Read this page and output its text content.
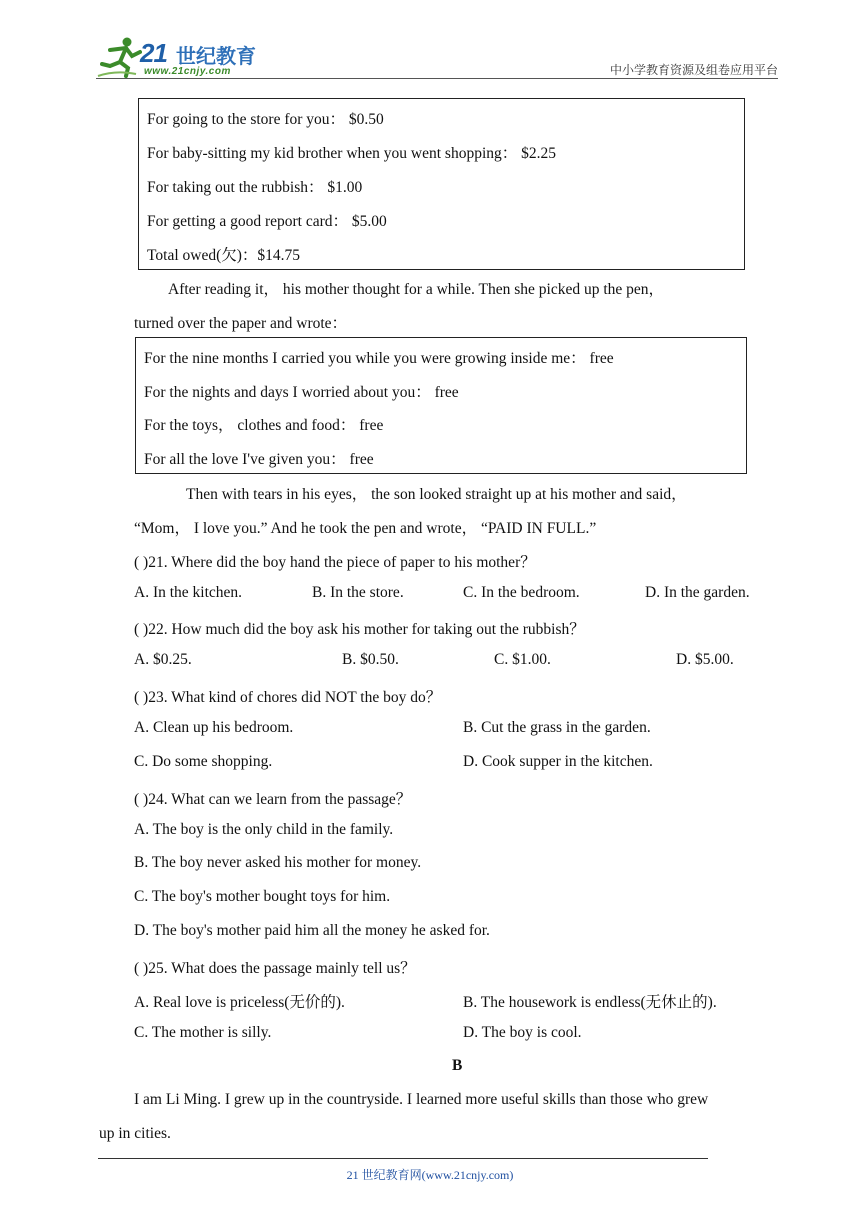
21 世纪教育
www.21cnjy.com	中小学教育资源及组卷应用平台
For going to the store for you： $0.50
For baby-sitting my kid brother when you went shopping： $2.25
For taking out the rubbish： $1.00
For getting a good report card： $5.00
Total owed(欠)：$14.75
After reading it， his mother thought for a while. Then she picked up the pen，
turned over the paper and wrote：
For the nine months I carried you while you were growing inside me： free
For the nights and days I worried about you： free
For the toys， clothes and food： free
For all the love I've given you： free
Then with tears in his eyes， the son looked straight up at his mother and said，
“Mom， I love you.” And he took the pen and wrote， “PAID IN FULL.”
( )21. Where did the boy hand the piece of paper to his mother？
A. In the kitchen.	B. In the store.	C. In the bedroom.	D. In the garden.
( )22. How much did the boy ask his mother for taking out the rubbish？
A. $0.25.	B. $0.50.	C. $1.00.	D. $5.00.
( )23. What kind of chores did NOT the boy do？
A. Clean up his bedroom.	B. Cut the grass in the garden.
C. Do some shopping.	D. Cook supper in the kitchen.
( )24. What can we learn from the passage？
A. The boy is the only child in the family.
B. The boy never asked his mother for money.
C. The boy's mother bought toys for him.
D. The boy's mother paid him all the money he asked for.
( )25. What does the passage mainly tell us？
A. Real love is priceless(无价的).	B. The housework is endless(无休止的).
C. The mother is silly.	D. The boy is cool.
B
I am Li Ming. I grew up in the countryside. I learned more useful skills than those who grew
up in cities.
21 世纪教育网(www.21cnjy.com)
